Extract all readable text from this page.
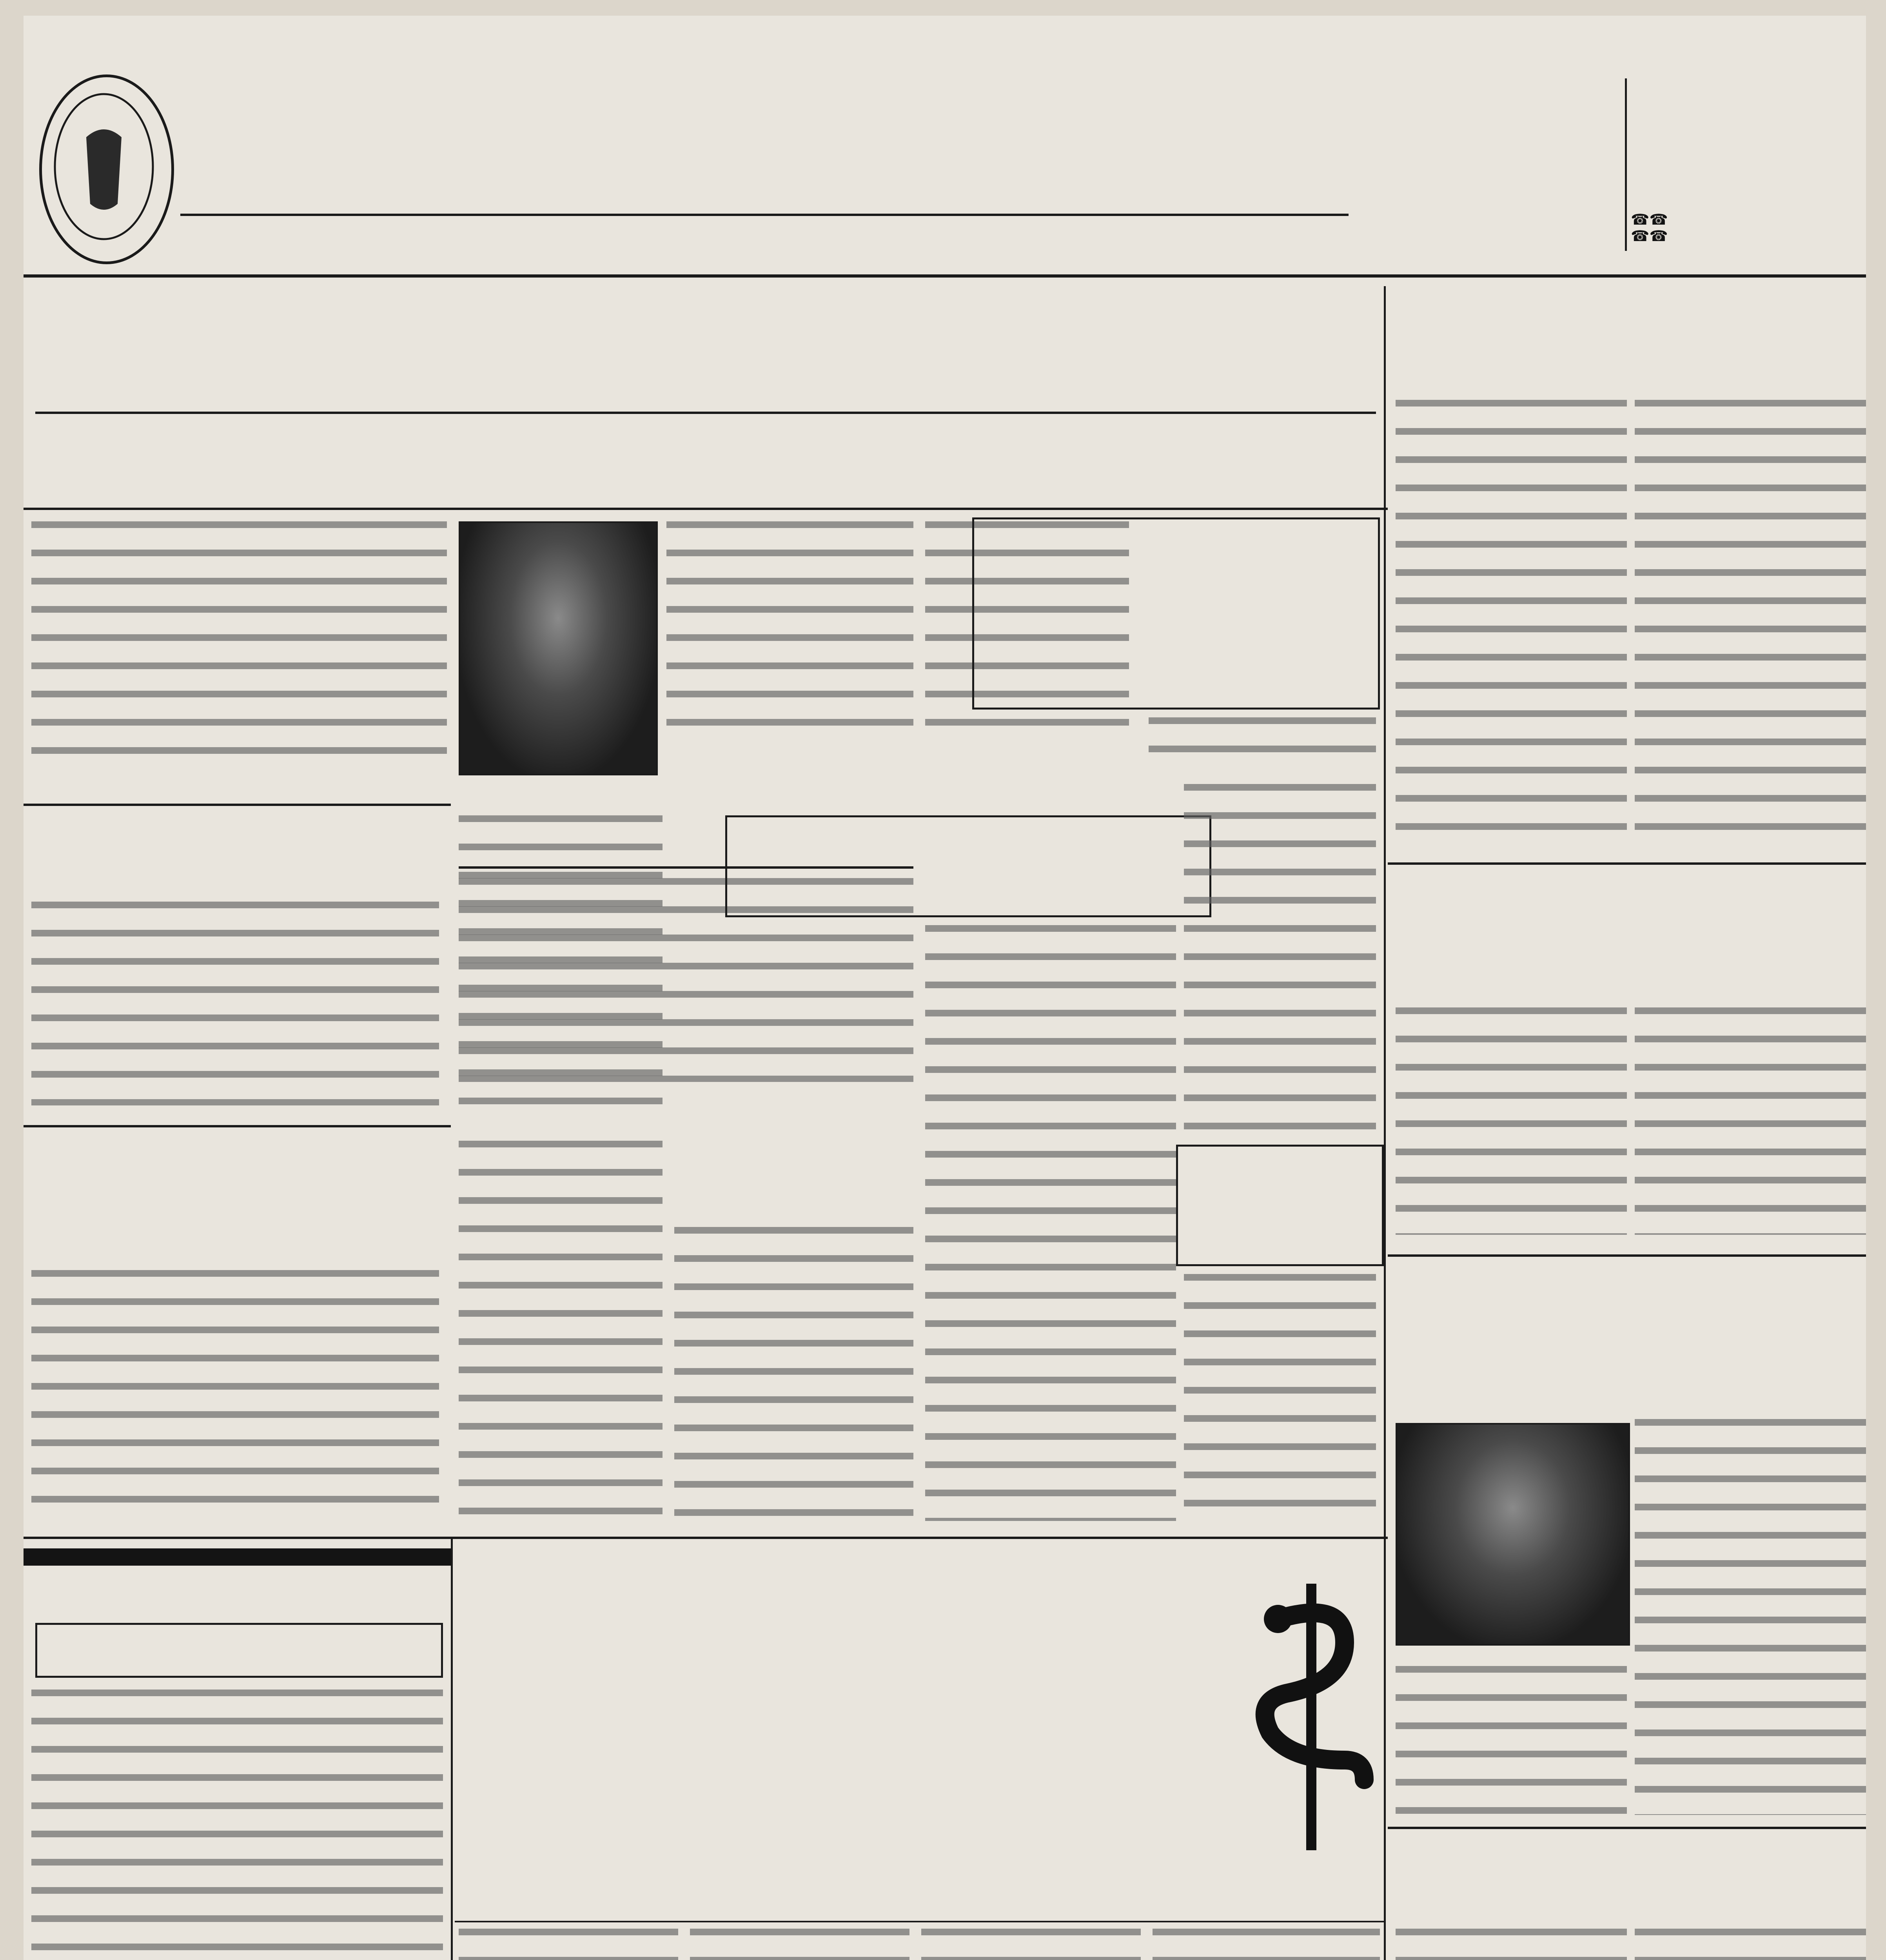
☎☎
☎☎
